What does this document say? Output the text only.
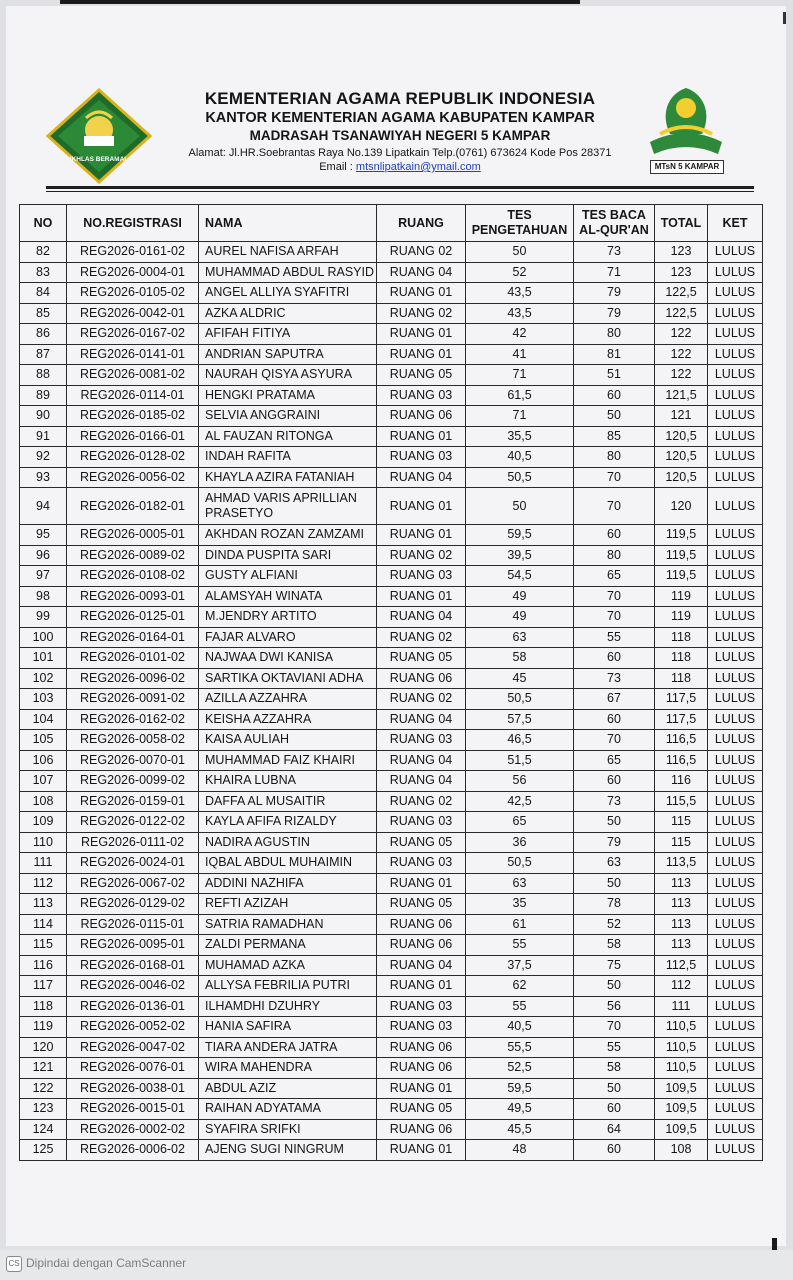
IKHLAS BERAMAL
KEMENTERIAN AGAMA REPUBLIK INDONESIA
KANTOR KEMENTERIAN AGAMA KABUPATEN KAMPAR
MADRASAH TSANAWIYAH NEGERI 5 KAMPAR
Alamat: Jl.HR.Soebrantas Raya No.139 Lipatkain Telp.(0761) 673624 Kode Pos 28371
Email : mtsnlipatkain@ymail.com	MTsN 5 KAMPAR
NO	NO.REGISTRASI	NAMA	RUANG	TES PENGETAHUAN	TES BACA AL-QUR'AN	TOTAL	KET
82	REG2026-0161-02	AUREL NAFISA ARFAH	RUANG 02	50	73	123	LULUS
83	REG2026-0004-01	MUHAMMAD ABDUL RASYID	RUANG 04	52	71	123	LULUS
84	REG2026-0105-02	ANGEL ALLIYA SYAFITRI	RUANG 01	43,5	79	122,5	LULUS
85	REG2026-0042-01	AZKA ALDRIC	RUANG 02	43,5	79	122,5	LULUS
86	REG2026-0167-02	AFIFAH FITIYA	RUANG 01	42	80	122	LULUS
87	REG2026-0141-01	ANDRIAN SAPUTRA	RUANG 01	41	81	122	LULUS
88	REG2026-0081-02	NAURAH QISYA ASYURA	RUANG 05	71	51	122	LULUS
89	REG2026-0114-01	HENGKI PRATAMA	RUANG 03	61,5	60	121,5	LULUS
90	REG2026-0185-02	SELVIA ANGGRAINI	RUANG 06	71	50	121	LULUS
91	REG2026-0166-01	AL FAUZAN RITONGA	RUANG 01	35,5	85	120,5	LULUS
92	REG2026-0128-02	INDAH RAFITA	RUANG 03	40,5	80	120,5	LULUS
93	REG2026-0056-02	KHAYLA AZIRA FATANIAH	RUANG 04	50,5	70	120,5	LULUS
94	REG2026-0182-01	AHMAD VARIS APRILLIAN PRASETYO	RUANG 01	50	70	120	LULUS
95	REG2026-0005-01	AKHDAN ROZAN ZAMZAMI	RUANG 01	59,5	60	119,5	LULUS
96	REG2026-0089-02	DINDA PUSPITA SARI	RUANG 02	39,5	80	119,5	LULUS
97	REG2026-0108-02	GUSTY ALFIANI	RUANG 03	54,5	65	119,5	LULUS
98	REG2026-0093-01	ALAMSYAH WINATA	RUANG 01	49	70	119	LULUS
99	REG2026-0125-01	M.JENDRY ARTITO	RUANG 04	49	70	119	LULUS
100	REG2026-0164-01	FAJAR ALVARO	RUANG 02	63	55	118	LULUS
101	REG2026-0101-02	NAJWAA DWI KANISA	RUANG 05	58	60	118	LULUS
102	REG2026-0096-02	SARTIKA OKTAVIANI ADHA	RUANG 06	45	73	118	LULUS
103	REG2026-0091-02	AZILLA AZZAHRA	RUANG 02	50,5	67	117,5	LULUS
104	REG2026-0162-02	KEISHA AZZAHRA	RUANG 04	57,5	60	117,5	LULUS
105	REG2026-0058-02	KAISA AULIAH	RUANG 03	46,5	70	116,5	LULUS
106	REG2026-0070-01	MUHAMMAD FAIZ KHAIRI	RUANG 04	51,5	65	116,5	LULUS
107	REG2026-0099-02	KHAIRA LUBNA	RUANG 04	56	60	116	LULUS
108	REG2026-0159-01	DAFFA AL MUSAITIR	RUANG 02	42,5	73	115,5	LULUS
109	REG2026-0122-02	KAYLA AFIFA RIZALDY	RUANG 03	65	50	115	LULUS
110	REG2026-0111-02	NADIRA AGUSTIN	RUANG 05	36	79	115	LULUS
111	REG2026-0024-01	IQBAL ABDUL MUHAIMIN	RUANG 03	50,5	63	113,5	LULUS
112	REG2026-0067-02	ADDINI NAZHIFA	RUANG 01	63	50	113	LULUS
113	REG2026-0129-02	REFTI AZIZAH	RUANG 05	35	78	113	LULUS
114	REG2026-0115-01	SATRIA RAMADHAN	RUANG 06	61	52	113	LULUS
115	REG2026-0095-01	ZALDI PERMANA	RUANG 06	55	58	113	LULUS
116	REG2026-0168-01	MUHAMAD AZKA	RUANG 04	37,5	75	112,5	LULUS
117	REG2026-0046-02	ALLYSA FEBRILIA PUTRI	RUANG 01	62	50	112	LULUS
118	REG2026-0136-01	ILHAMDHI DZUHRY	RUANG 03	55	56	111	LULUS
119	REG2026-0052-02	HANIA SAFIRA	RUANG 03	40,5	70	110,5	LULUS
120	REG2026-0047-02	TIARA ANDERA JATRA	RUANG 06	55,5	55	110,5	LULUS
121	REG2026-0076-01	WIRA MAHENDRA	RUANG 06	52,5	58	110,5	LULUS
122	REG2026-0038-01	ABDUL AZIZ	RUANG 01	59,5	50	109,5	LULUS
123	REG2026-0015-01	RAIHAN ADYATAMA	RUANG 05	49,5	60	109,5	LULUS
124	REG2026-0002-02	SYAFIRA SRIFKI	RUANG 06	45,5	64	109,5	LULUS
125	REG2026-0006-02	AJENG SUGI NINGRUM	RUANG 01	48	60	108	LULUS
CS Dipindai dengan CamScanner
